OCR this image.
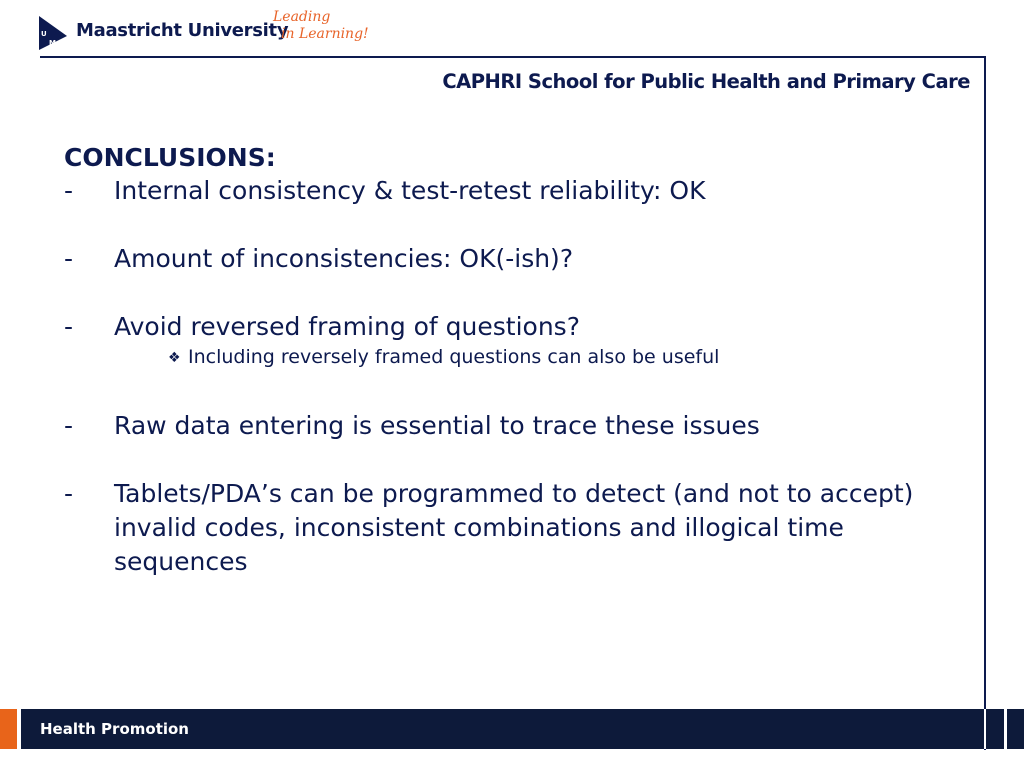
U
M
Maastricht University
Leading
in Learning!
CAPHRI School for Public Health and Primary Care
CONCLUSIONS:
- Internal consistency & test-retest reliability: OK
- Amount of inconsistencies: OK(-ish)?
- Avoid reversed framing of questions?
❖ Including reversely framed questions can also be useful
- Raw data entering is essential to trace these issues
- Tablets/PDA’s can be programmed to detect (and not to accept) invalid codes, inconsistent combinations and illogical time sequences
Health Promotion
